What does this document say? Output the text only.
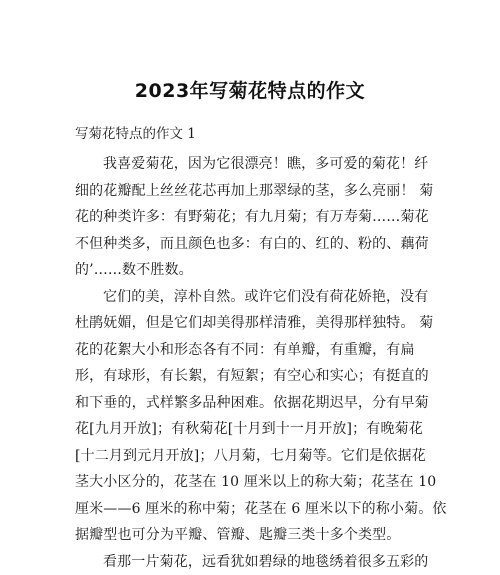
2023年写菊花特点的作文
写菊花特点的作文 1
我喜爱菊花，因为它很漂亮！瞧，多可爱的菊花！纤
细的花瓣配上丝丝花芯再加上那翠绿的茎，多么亮丽！ 菊
花的种类许多：有野菊花；有九月菊；有万寿菊……菊花
不但种类多，而且颜色也多：有白的、红的、粉的、藕荷
的’……数不胜数。
它们的美，淳朴自然。或许它们没有荷花娇艳，没有
杜鹃妩媚，但是它们却美得那样清雅，美得那样独特。 菊
花的花絮大小和形态各有不同：有单瓣，有重瓣，有扁
形，有球形，有长絮，有短絮；有空心和实心；有挺直的
和下垂的，式样繁多品种困难。依据花期迟早，分有早菊
花[九月开放]；有秋菊花[十月到十一月开放]；有晚菊花
[十二月到元月开放]；八月菊，七月菊等。它们是依据花
茎大小区分的，花茎在 10 厘米以上的称大菊；花茎在 10
厘米——6 厘米的称中菊；花茎在 6 厘米以下的称小菊。依
据瓣型也可分为平瓣、管瓣、匙瓣三类十多个类型。
看那一片菊花，远看犹如碧绿的地毯绣着很多五彩的
